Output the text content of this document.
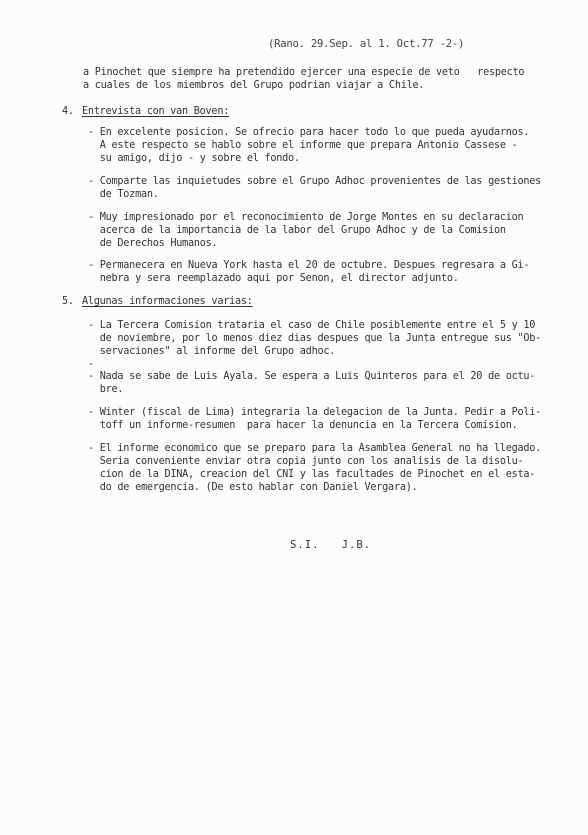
(Rano. 29.Sep. al 1. Oct.77 -2-)
a Pinochet que siempre ha pretendido ejercer una especie de veto   respecto
a cuales de los miembros del Grupo podrian viajar a Chile.
4. Entrevista con van Boven:
- En excelente posicion. Se ofrecio para hacer todo lo que pueda ayudarnos.
A este respecto se hablo sobre el informe que prepara Antonio Cassese -
su amigo, dijo - y sobre el fondo.
- Comparte las inquietudes sobre el Grupo Adhoc provenientes de las gestiones
de Tozman.
- Muy impresionado por el reconocimiento de Jorge Montes en su declaracion
acerca de la importancia de la labor del Grupo Adhoc y de la Comision
de Derechos Humanos.
- Permanecera en Nueva York hasta el 20 de octubre. Despues regresara a Gi-
nebra y sera reemplazado aqui por Senon, el director adjunto.
5. Algunas informaciones varias:
- La Tercera Comision trataria el caso de Chile posiblemente entre el 5 y 10
de noviembre, por lo menos diez dias despues que la Junta entregue sus "Ob-
servaciones" al informe del Grupo adhoc.
-
- Nada se sabe de Luis Ayala. Se espera a Luis Quinteros para el 20 de octu-
bre.
- Winter (fiscal de Lima) integraria la delegacion de la Junta. Pedir a Poli-
toff un informe-resumen  para hacer la denuncia en la Tercera Comision.
- El informe economico que se preparo para la Asamblea General no ha llegado.
Seria conveniente enviar otra copia junto con los analisis de la disolu-
cion de la DINA, creacion del CNI y las facultades de Pinochet en el esta-
do de emergencia. (De esto hablar con Daniel Vergara).
S.I.   J.B.
